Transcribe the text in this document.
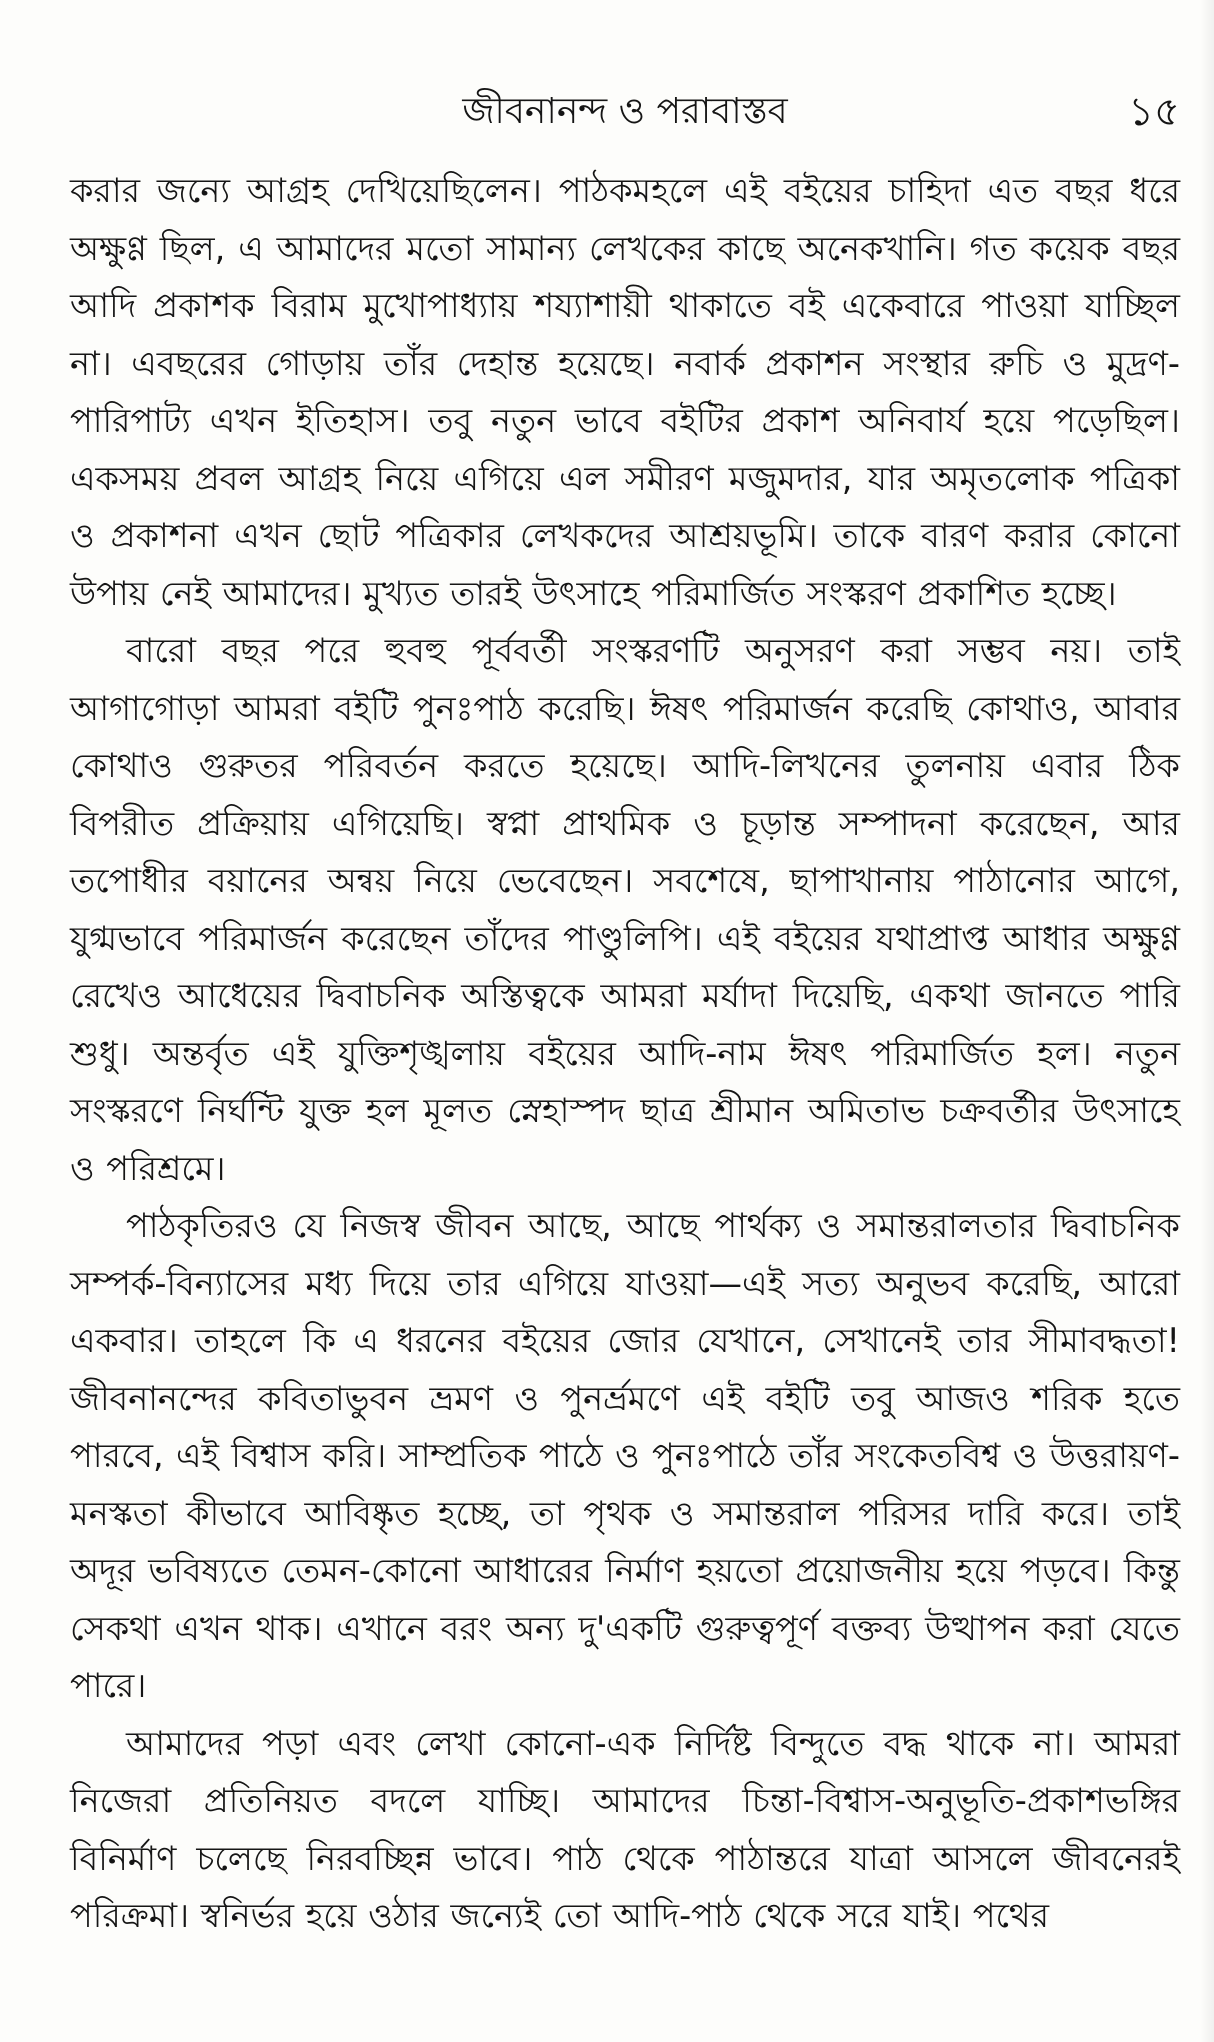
জীবনানন্দ ও পরাবাস্তব	১৫

করার জন্যে আগ্রহ দেখিয়েছিলেন। পাঠকমহলে এই বইয়ের চাহিদা এত বছর ধরে অক্ষুণ্ণ ছিল, এ আমাদের মতো সামান্য লেখকের কাছে অনেকখানি। গত কয়েক বছর আদি প্রকাশক বিরাম মুখোপাধ্যায় শয্যাশায়ী থাকাতে বই একেবারে পাওয়া যাচ্ছিল না। এবছরের গোড়ায় তাঁর দেহান্ত হয়েছে। নবার্ক প্রকাশন সংস্থার রুচি ও মুদ্রণ-পারিপাট্য এখন ইতিহাস। তবু নতুন ভাবে বইটির প্রকাশ অনিবার্য হয়ে পড়েছিল। একসময় প্রবল আগ্রহ নিয়ে এগিয়ে এল সমীরণ মজুমদার, যার অমৃতলোক পত্রিকা ও প্রকাশনা এখন ছোট পত্রিকার লেখকদের আশ্রয়ভূমি। তাকে বারণ করার কোনো উপায় নেই আমাদের। মুখ্যত তারই উৎসাহে পরিমার্জিত সংস্করণ প্রকাশিত হচ্ছে।

বারো বছর পরে হুবহু পূর্ববর্তী সংস্করণটি অনুসরণ করা সম্ভব নয়। তাই আগাগোড়া আমরা বইটি পুনঃপাঠ করেছি। ঈষৎ পরিমার্জন করেছি কোথাও, আবার কোথাও গুরুতর পরিবর্তন করতে হয়েছে। আদি-লিখনের তুলনায় এবার ঠিক বিপরীত প্রক্রিয়ায় এগিয়েছি। স্বপ্না প্রাথমিক ও চূড়ান্ত সম্পাদনা করেছেন, আর তপোধীর বয়ানের অন্বয় নিয়ে ভেবেছেন। সবশেষে, ছাপাখানায় পাঠানোর আগে, যুগ্মভাবে পরিমার্জন করেছেন তাঁদের পাণ্ডুলিপি। এই বইয়ের যথাপ্রাপ্ত আধার অক্ষুণ্ণ রেখেও আধেয়ের দ্বিবাচনিক অস্তিত্বকে আমরা মর্যাদা দিয়েছি, একথা জানতে পারি শুধু। অন্তর্বৃত এই যুক্তিশৃঙ্খলায় বইয়ের আদি-নাম ঈষৎ পরিমার্জিত হল। নতুন সংস্করণে নির্ঘন্টি যুক্ত হল মূলত স্নেহাস্পদ ছাত্র শ্রীমান অমিতাভ চক্রবর্তীর উৎসাহে ও পরিশ্রমে।

পাঠকৃতিরও যে নিজস্ব জীবন আছে, আছে পার্থক্য ও সমান্তরালতার দ্বিবাচনিক সম্পর্ক-বিন্যাসের মধ্য দিয়ে তার এগিয়ে যাওয়া—এই সত্য অনুভব করেছি, আরো একবার। তাহলে কি এ ধরনের বইয়ের জোর যেখানে, সেখানেই তার সীমাবদ্ধতা! জীবনানন্দের কবিতাভুবন ভ্রমণ ও পুনর্ভ্রমণে এই বইটি তবু আজও শরিক হতে পারবে, এই বিশ্বাস করি। সাম্প্রতিক পাঠে ও পুনঃপাঠে তাঁর সংকেতবিশ্ব ও উত্তরায়ণ-মনস্কতা কীভাবে আবিষ্কৃত হচ্ছে, তা পৃথক ও সমান্তরাল পরিসর দারি করে। তাই অদূর ভবিষ্যতে তেমন-কোনো আধারের নির্মাণ হয়তো প্রয়োজনীয় হয়ে পড়বে। কিন্তু সেকথা এখন থাক। এখানে বরং অন্য দু'একটি গুরুত্বপূর্ণ বক্তব্য উত্থাপন করা যেতে পারে।

আমাদের পড়া এবং লেখা কোনো-এক নির্দিষ্ট বিন্দুতে বদ্ধ থাকে না। আমরা নিজেরা প্রতিনিয়ত বদলে যাচ্ছি। আমাদের চিন্তা-বিশ্বাস-অনুভূতি-প্রকাশভঙ্গির বিনির্মাণ চলেছে নিরবচ্ছিন্ন ভাবে। পাঠ থেকে পাঠান্তরে যাত্রা আসলে জীবনেরই পরিক্রমা। স্বনির্ভর হয়ে ওঠার জন্যেই তো আদি-পাঠ থেকে সরে যাই। পথের
